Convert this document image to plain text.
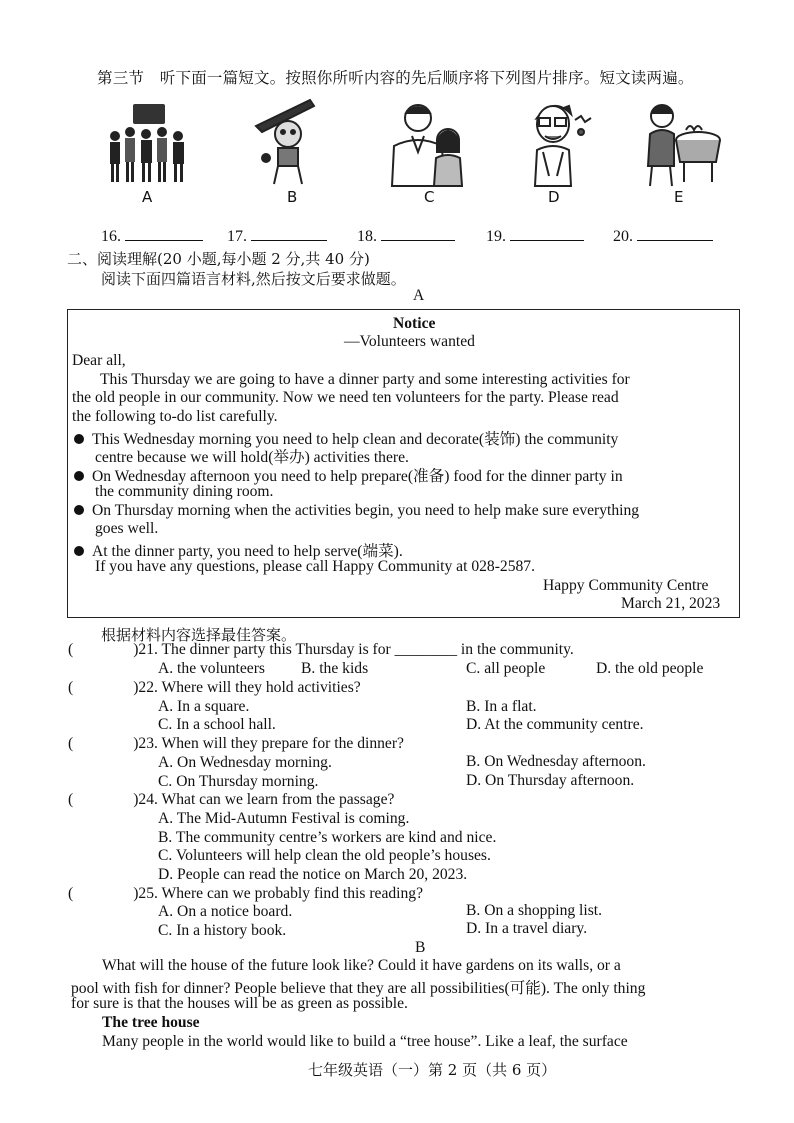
第三节　听下面一篇短文。按照你所听内容的先后顺序将下列图片排序。短文读两遍。
A	B	C	D	E
16.	17.	18.	19.	20.
二、阅读理解(20 小题,每小题 2 分,共 40 分)
阅读下面四篇语言材料,然后按文后要求做题。
A
Notice
—Volunteers wanted
Dear all,
This Thursday we are going to have a dinner party and some interesting activities for
the old people in our community. Now we need ten volunteers for the party. Please read
the following to-do list carefully.
This Wednesday morning you need to help clean and decorate(装饰) the community
centre because we will hold(举办) activities there.
On Wednesday afternoon you need to help prepare(准备) food for the dinner party in
the community dining room.
On Thursday morning when the activities begin, you need to help make sure everything
goes well.
At the dinner party, you need to help serve(端菜).
If you have any questions, please call Happy Community at 028-2587.
Happy Community Centre
March 21, 2023
根据材料内容选择最佳答案。
(	)21. The dinner party this Thursday is for ________ in the community.
A. the volunteers B. the kids	C. all people	D. the old people
(	)22. Where will they hold activities?
A. In a square.	B. In a flat.
C. In a school hall.	D. At the community centre.
(	)23. When will they prepare for the dinner?
A. On Wednesday morning.	B. On Wednesday afternoon.
C. On Thursday morning.	D. On Thursday afternoon.
(	)24. What can we learn from the passage?
A. The Mid-Autumn Festival is coming.
B. The community centre’s workers are kind and nice.
C. Volunteers will help clean the old people’s houses.
D. People can read the notice on March 20, 2023.
(	)25. Where can we probably find this reading?
A. On a notice board.	B. On a shopping list.
C. In a history book.	D. In a travel diary.
B
What will the house of the future look like? Could it have gardens on its walls, or a
pool with fish for dinner? People believe that they are all possibilities(可能). The only thing
for sure is that the houses will be as green as possible.
The tree house
Many people in the world would like to build a “tree house”. Like a leaf, the surface
七年级英语（一）第 2 页（共 6 页）
